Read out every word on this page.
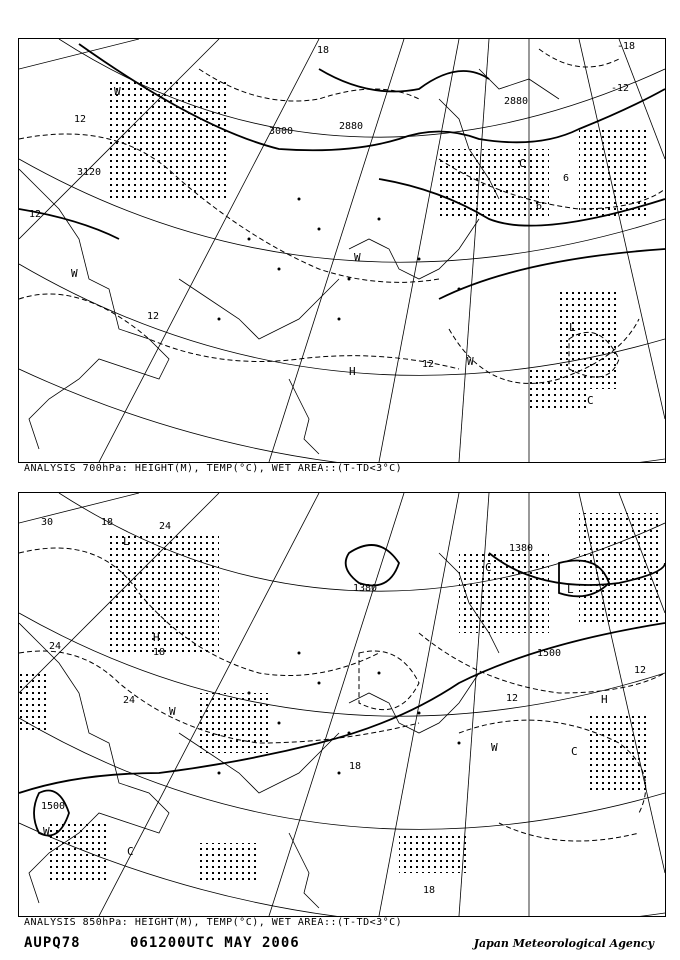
3120
3000	2880
2880
12
12
12
12
-12
-18
18
6
6
W
W
H
W
C
C
L
W
ANALYSIS 700hPa: HEIGHT(M), TEMP(°C), WET AREA::(T-TD<3°C)
1500
1500
1380
1380
30
24
24
24
18
18
18
12
12
18
L
H
W
W	C
C
H
L
W
C
ANALYSIS 850hPa: HEIGHT(M), TEMP(°C), WET AREA::(T-TD<3°C)
AUPQ78	061200UTC MAY 2006	Japan Meteorological Agency
